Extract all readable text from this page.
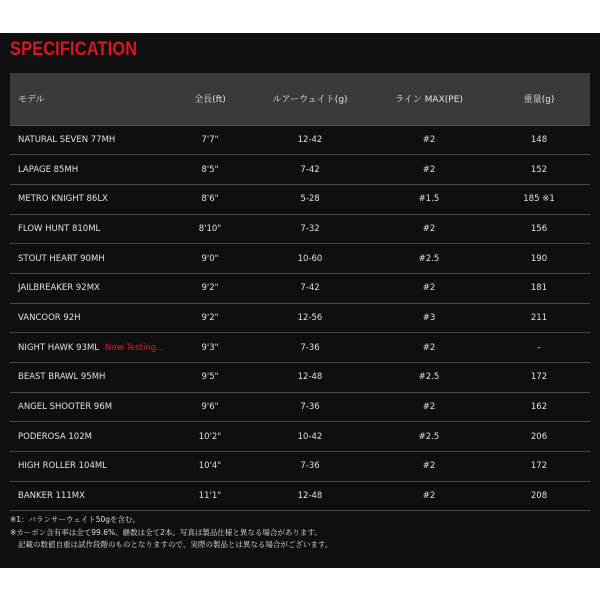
SPECIFICATION
モデル	全長(ft)	ルアーウェイト(g)	ライン MAX(PE)	重量(g)
NATURAL SEVEN 77MH	7'7"	12-42	#2	148
LAPAGE 85MH	8'5"	7-42	#2	152
METRO KNIGHT 86LX	8'6"	5-28	#1.5	185 ※1
FLOW HUNT 810ML	8'10"	7-32	#2	156
STOUT HEART 90MH	9'0"	10-60	#2.5	190
JAILBREAKER 92MX	9'2"	7-42	#2	181
VANCOOR 92H	9'2"	12-56	#3	211
NIGHT HAWK 93ML Now Testing...	9'3"	7-36	#2	-
BEAST BRAWL 95MH	9'5"	12-48	#2.5	172
ANGEL SHOOTER 96M	9'6"	7-36	#2	162
PODEROSA 102M	10'2"	10-42	#2.5	206
HIGH ROLLER 104ML	10'4"	7-36	#2	172
BANKER 111MX	11'1"	12-48	#2	208
※1：バランサーウェイト50gを含む。
※カーボン含有率は全て99.6%、継数は全て2本。写真は製品仕様と異なる場合があります。
記載の数値自重は試作段階のものとなりますので、実際の製品とは異なる場合がございます。
